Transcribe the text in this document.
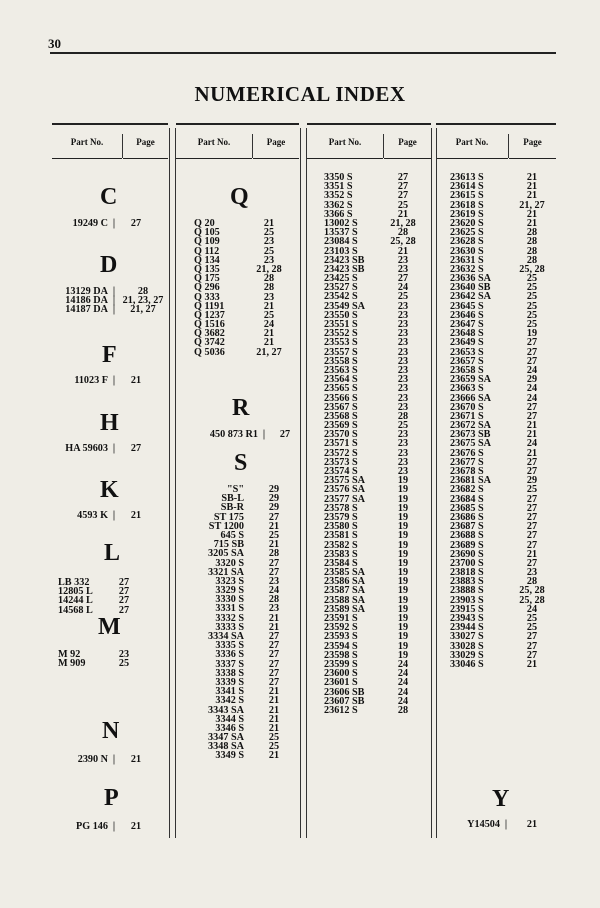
30
NUMERICAL INDEX
Part No.	Page	Part No.	Page	Part No.	Page	Part No.	Page
C
19249 C |	27
D
13129 DA |	28
14186 DA | 21, 23, 27
14187 DA |	21, 27
F
11023 F |	21
H
HA 59603 |	27
K
4593 K |	21
L
LB 332	27
12805 L	27
14244 L	27
14568 L	27
M
M 92	23
M 909	25
N
2390 N |	21
P
PG 146 |	21
Q
Q 20	21
Q 105	25
Q 109	23
Q 112	25
Q 134	23
Q 135	21, 28
Q 175	28
Q 296	28
Q 333	23
Q 1191	21
Q 1237	25
Q 1516	24
Q 3682	21
Q 3742	21
Q 5036	21, 27
R
450 873 R1 |	27
S
"S"	29
SB-L	29
SB-R	29
ST 175	27
ST 1200	21
645 S	25
715 SB	21
3205 SA	28
3320 S	27
3321 SA	27
3323 S	23
3329 S	24
3330 S	28
3331 S	23
3332 S	21
3333 S	21
3334 SA	27
3335 S	27
3336 S	27
3337 S	27
3338 S	27
3339 S	27
3341 S	21
3342 S	21
3343 SA	21
3344 S	21
3346 S	21
3347 SA	25
3348 SA	25
3349 S	21
3350 S	27
3351 S	27
3352 S	27
3362 S	25
3366 S	21
13002 S	21, 28
13537 S	28
23084 S	25, 28
23103 S	21
23423 SB	23
23423 SB	23
23425 S	27
23527 S	24
23542 S	25
23549 SA	23
23550 S	23
23551 S	23
23552 S	23
23553 S	23
23557 S	23
23558 S	23
23563 S	23
23564 S	23
23565 S	23
23566 S	23
23567 S	23
23568 S	28
23569 S	25
23570 S	23
23571 S	23
23572 S	23
23573 S	23
23574 S	23
23575 SA	19
23576 SA	19
23577 SA	19
23578 S	19
23579 S	19
23580 S	19
23581 S	19
23582 S	19
23583 S	19
23584 S	19
23585 SA	19
23586 SA	19
23587 SA	19
23588 SA	19
23589 SA	19
23591 S	19
23592 S	19
23593 S	19
23594 S	19
23598 S	19
23599 S	24
23600 S	24
23601 S	24
23606 SB	24
23607 SB	24
23612 S	28
23613 S	21
23614 S	21
23615 S	21
23618 S	21, 27
23619 S	21
23620 S	21
23625 S	28
23628 S	28
23630 S	28
23631 S	28
23632 S	25, 28
23636 SA	25
23640 SB	25
23642 SA	25
23645 S	25
23646 S	25
23647 S	25
23648 S	19
23649 S	27
23653 S	27
23657 S	27
23658 S	24
23659 SA	29
23663 S	24
23666 SA	24
23670 S	27
23671 S	27
23672 SA	21
23673 SB	21
23675 SA	24
23676 S	21
23677 S	27
23678 S	27
23681 SA	29
23682 S	25
23684 S	27
23685 S	27
23686 S	27
23687 S	27
23688 S	27
23689 S	27
23690 S	21
23700 S	27
23818 S	23
23883 S	28
23888 S	25, 28
23903 S	25, 28
23915 S	24
23943 S	25
23944 S	25
33027 S	27
33028 S	27
33029 S	27
33046 S	21
Y
Y14504 |	21
